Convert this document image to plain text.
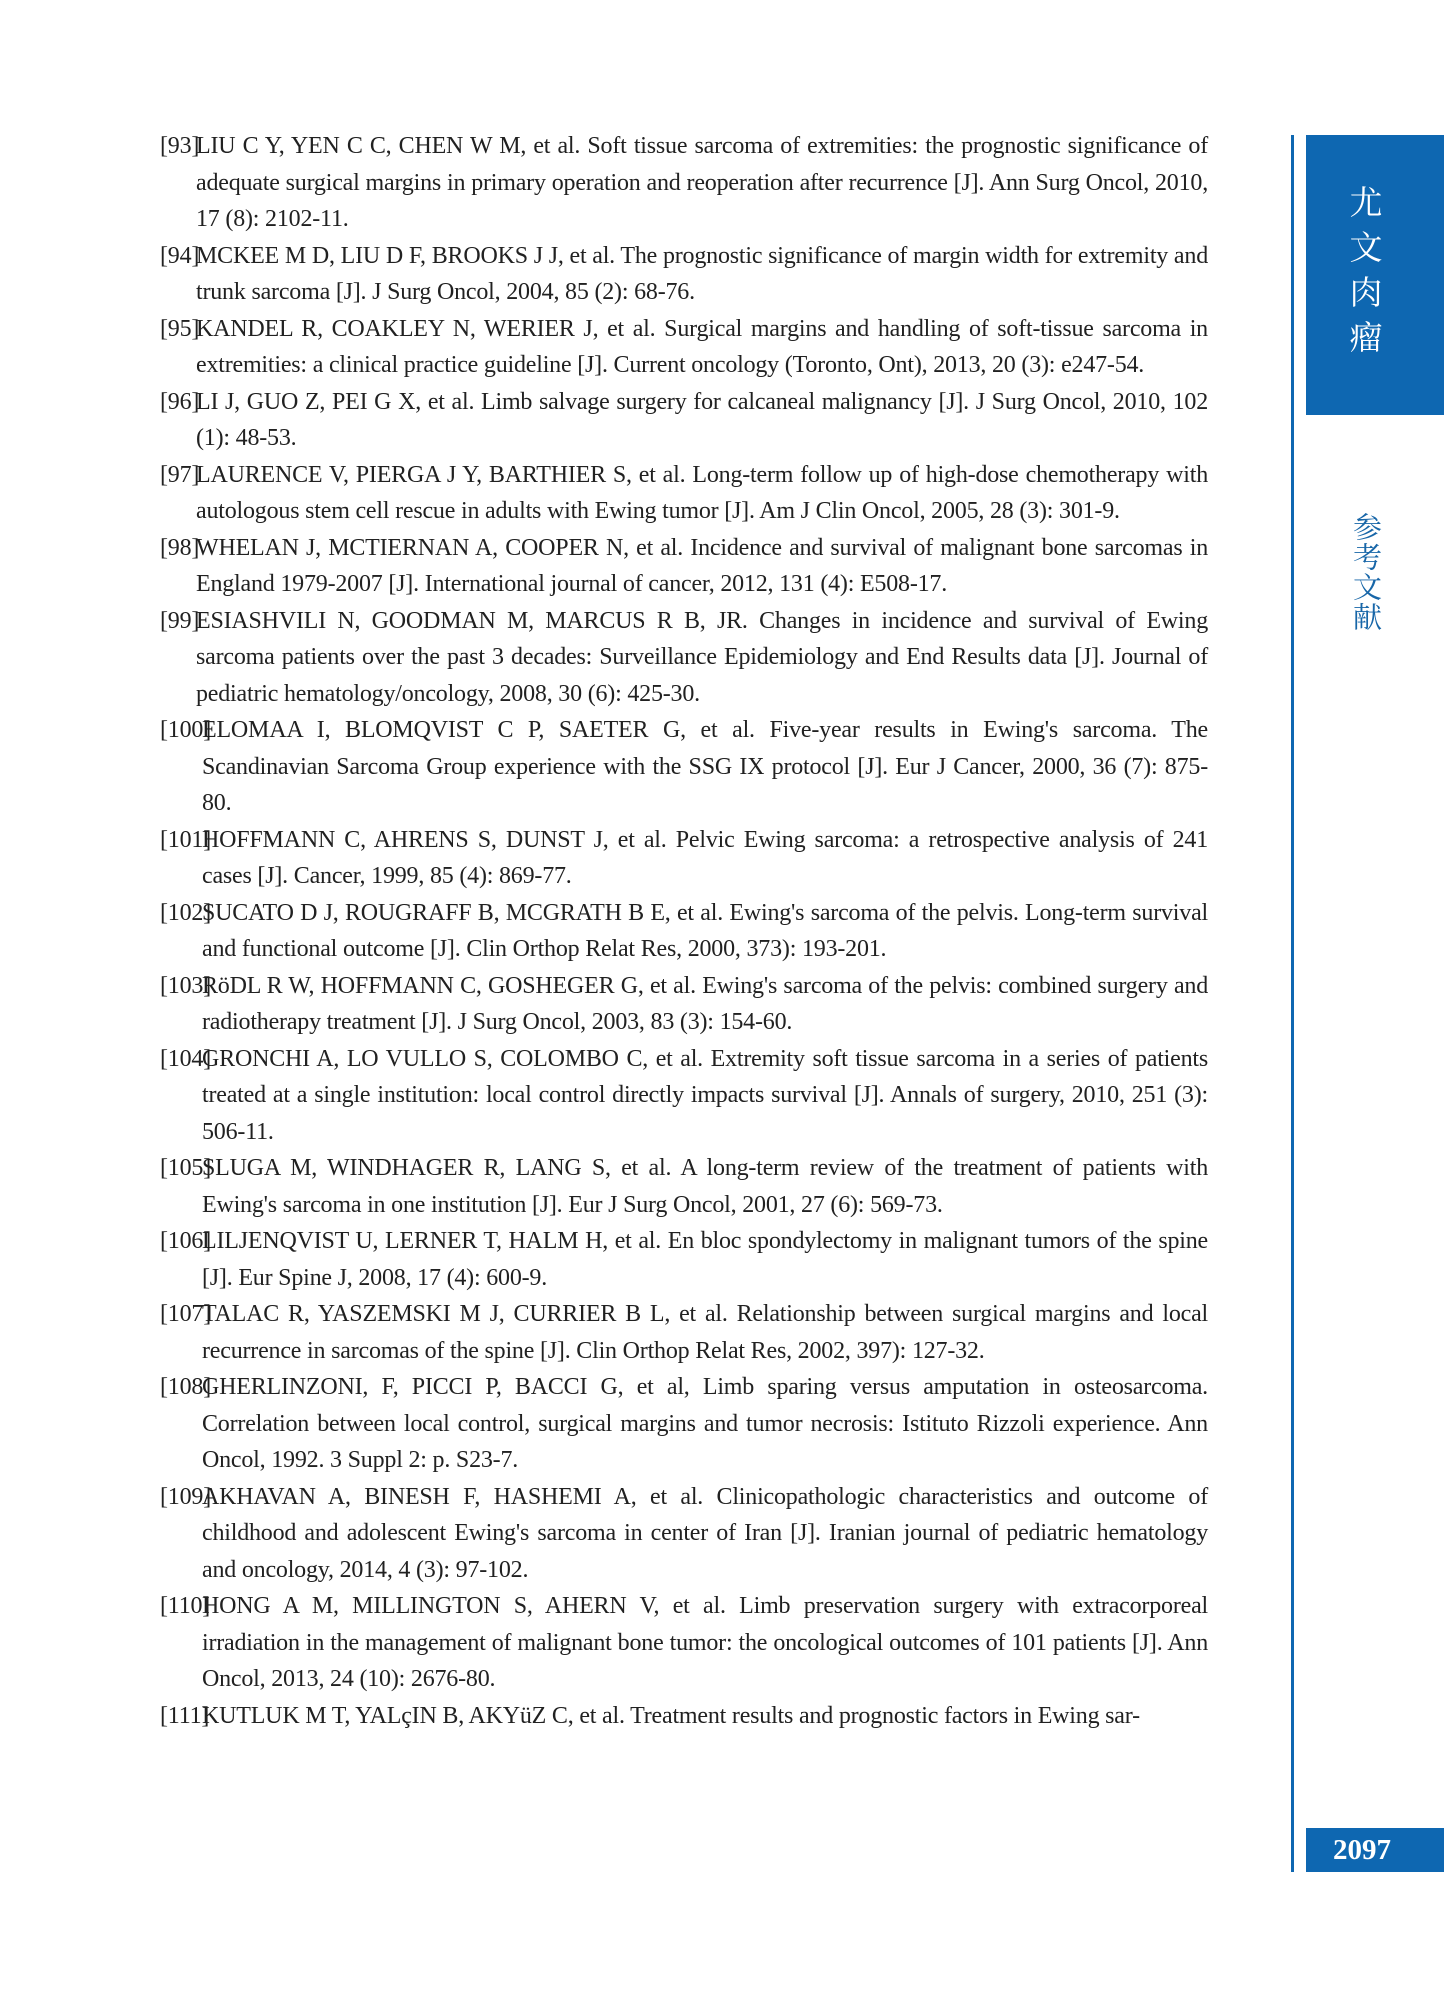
[93]
LIU C Y, YEN C C, CHEN W M, et al. Soft tissue sarcoma of extremities: the prognostic significance of adequate surgical margins in primary operation and reoperation after recurrence [J]. Ann Surg Oncol, 2010, 17 (8): 2102-11.
[94]
MCKEE M D, LIU D F, BROOKS J J, et al. The prognostic significance of margin width for extremity and trunk sarcoma [J]. J Surg Oncol, 2004, 85 (2): 68-76.
[95]
KANDEL R, COAKLEY N, WERIER J, et al. Surgical margins and handling of soft-tissue sarcoma in extremities: a clinical practice guideline [J]. Current oncology (Toronto, Ont), 2013, 20 (3): e247-54.
[96]
LI J, GUO Z, PEI G X, et al. Limb salvage surgery for calcaneal malignancy [J]. J Surg Oncol, 2010, 102 (1): 48-53.
[97]
LAURENCE V, PIERGA J Y, BARTHIER S, et al. Long-term follow up of high-dose chemotherapy with autologous stem cell rescue in adults with Ewing tumor [J]. Am J Clin Oncol, 2005, 28 (3): 301-9.
[98]
WHELAN J, MCTIERNAN A, COOPER N, et al. Incidence and survival of malignant bone sarcomas in England 1979-2007 [J]. International journal of cancer, 2012, 131 (4): E508-17.
[99]
ESIASHVILI N, GOODMAN M, MARCUS R B, JR. Changes in incidence and survival of Ewing sarcoma patients over the past 3 decades: Surveillance Epidemiology and End Results data [J]. Journal of pediatric hematology/oncology, 2008, 30 (6): 425-30.
[100]
ELOMAA I, BLOMQVIST C P, SAETER G, et al. Five-year results in Ewing's sarcoma. The Scandinavian Sarcoma Group experience with the SSG IX protocol [J]. Eur J Cancer, 2000, 36 (7): 875-80.
[101]
HOFFMANN C, AHRENS S, DUNST J, et al. Pelvic Ewing sarcoma: a retrospective analysis of 241 cases [J]. Cancer, 1999, 85 (4): 869-77.
[102]
SUCATO D J, ROUGRAFF B, MCGRATH B E, et al. Ewing's sarcoma of the pelvis. Long-term survival and functional outcome [J]. Clin Orthop Relat Res, 2000, 373): 193-201.
[103]
RöDL R W, HOFFMANN C, GOSHEGER G, et al. Ewing's sarcoma of the pelvis: combined surgery and radiotherapy treatment [J]. J Surg Oncol, 2003, 83 (3): 154-60.
[104]
GRONCHI A, LO VULLO S, COLOMBO C, et al. Extremity soft tissue sarcoma in a series of patients treated at a single institution: local control directly impacts survival [J]. Annals of surgery, 2010, 251 (3): 506-11.
[105]
SLUGA M, WINDHAGER R, LANG S, et al. A long-term review of the treatment of patients with Ewing's sarcoma in one institution [J]. Eur J Surg Oncol, 2001, 27 (6): 569-73.
[106]
LILJENQVIST U, LERNER T, HALM H, et al. En bloc spondylectomy in malignant tumors of the spine [J]. Eur Spine J, 2008, 17 (4): 600-9.
[107]
TALAC R, YASZEMSKI M J, CURRIER B L, et al. Relationship between surgical margins and local recurrence in sarcomas of the spine [J]. Clin Orthop Relat Res, 2002, 397): 127-32.
[108]
GHERLINZONI, F, PICCI P, BACCI G, et al, Limb sparing versus amputation in osteosarcoma. Correlation between local control, surgical margins and tumor necrosis: Istituto Rizzoli experience. Ann Oncol, 1992. 3 Suppl 2: p. S23-7.
[109]
AKHAVAN A, BINESH F, HASHEMI A, et al. Clinicopathologic characteristics and outcome of childhood and adolescent Ewing's sarcoma in center of Iran [J]. Iranian journal of pediatric hematology and oncology, 2014, 4 (3): 97-102.
[110]
HONG A M, MILLINGTON S, AHERN V, et al. Limb preservation surgery with extracorporeal irradiation in the management of malignant bone tumor: the oncological outcomes of 101 patients [J]. Ann Oncol, 2013, 24 (10): 2676-80.
[111]
KUTLUK M T, YALçIN B, AKYüZ C, et al. Treatment results and prognostic factors in Ewing sar-
尤文肉瘤
参考文献
2097
